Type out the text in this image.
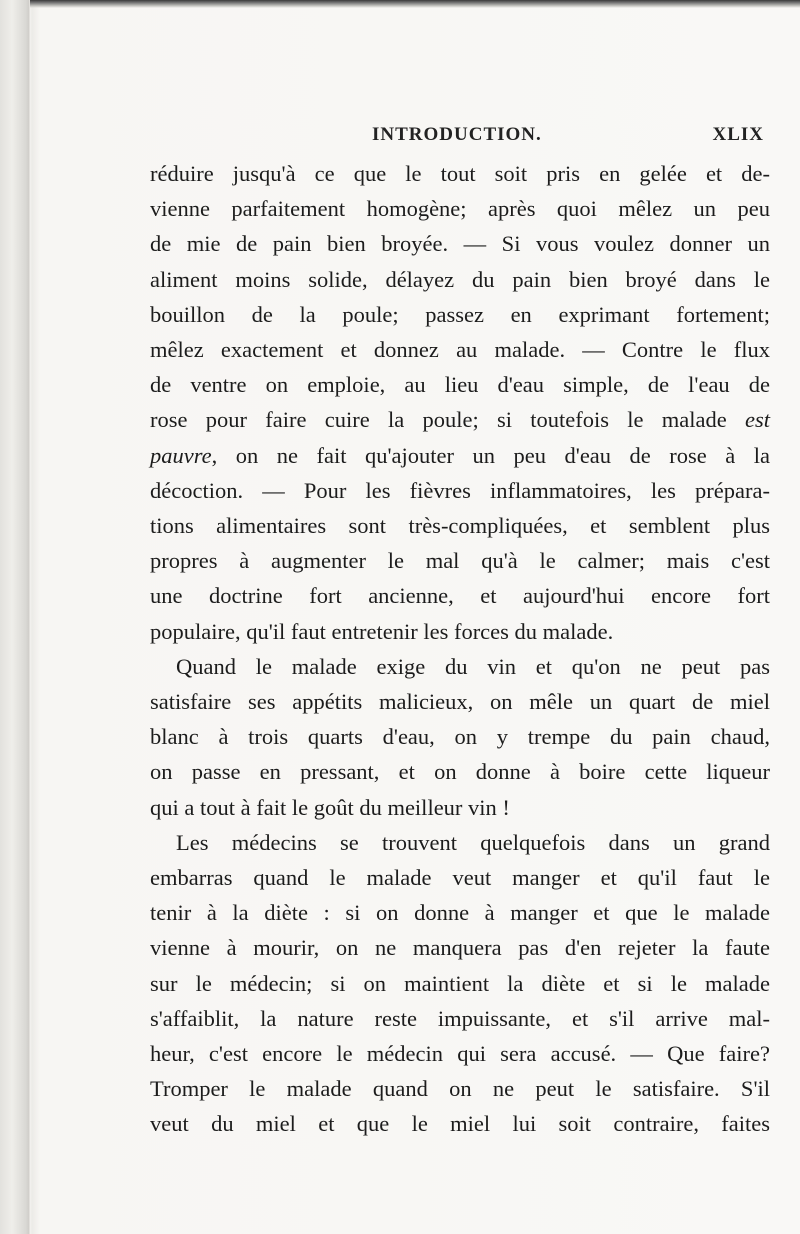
INTRODUCTION.	XLIX
réduire jusqu'à ce que le tout soit pris en gelée et de-
vienne parfaitement homogène; après quoi mêlez un peu
de mie de pain bien broyée. — Si vous voulez donner un
aliment moins solide, délayez du pain bien broyé dans le
bouillon de la poule; passez en exprimant fortement;
mêlez exactement et donnez au malade. — Contre le flux
de ventre on emploie, au lieu d'eau simple, de l'eau de
rose pour faire cuire la poule; si toutefois le malade est
pauvre, on ne fait qu'ajouter un peu d'eau de rose à la
décoction. — Pour les fièvres inflammatoires, les prépara-
tions alimentaires sont très-compliquées, et semblent plus
propres à augmenter le mal qu'à le calmer; mais c'est
une doctrine fort ancienne, et aujourd'hui encore fort
populaire, qu'il faut entretenir les forces du malade.
Quand le malade exige du vin et qu'on ne peut pas
satisfaire ses appétits malicieux, on mêle un quart de miel
blanc à trois quarts d'eau, on y trempe du pain chaud,
on passe en pressant, et on donne à boire cette liqueur
qui a tout à fait le goût du meilleur vin !
Les médecins se trouvent quelquefois dans un grand
embarras quand le malade veut manger et qu'il faut le
tenir à la diète : si on donne à manger et que le malade
vienne à mourir, on ne manquera pas d'en rejeter la faute
sur le médecin; si on maintient la diète et si le malade
s'affaiblit, la nature reste impuissante, et s'il arrive mal-
heur, c'est encore le médecin qui sera accusé. — Que faire?
Tromper le malade quand on ne peut le satisfaire. S'il
veut du miel et que le miel lui soit contraire, faites
